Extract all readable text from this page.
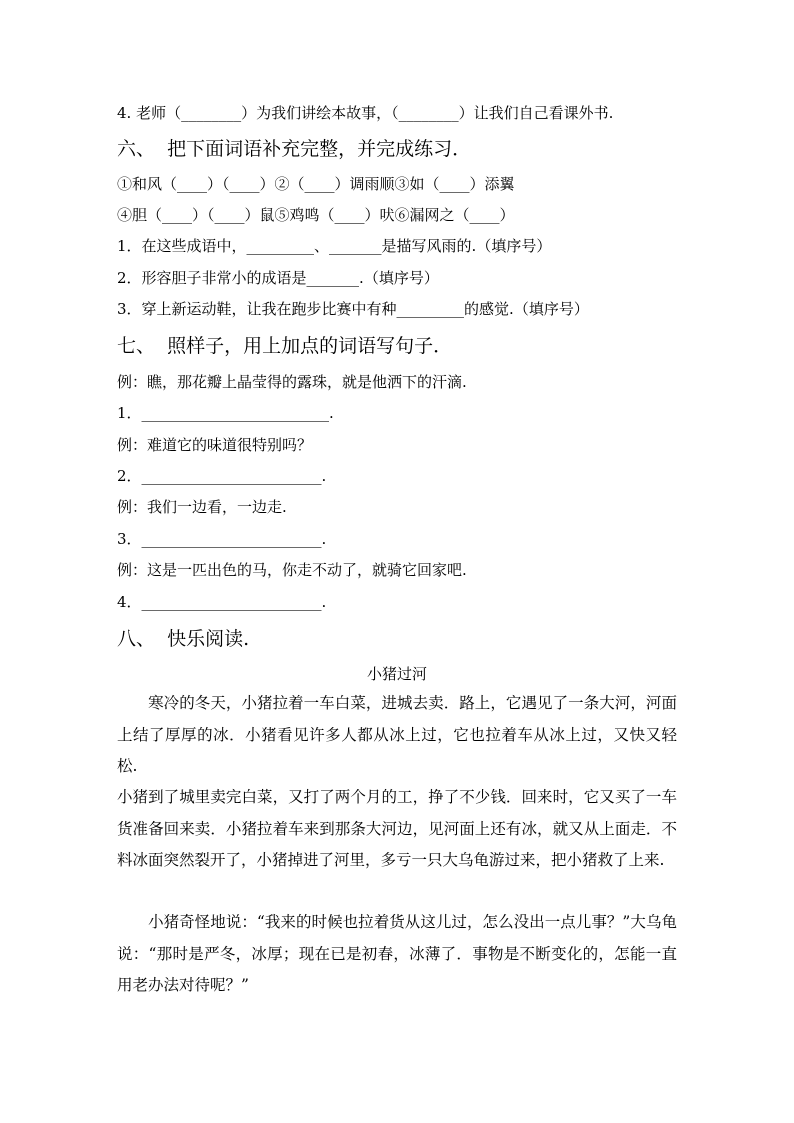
4. 老师（________）为我们讲绘本故事，（________）让我们自己看课外书.
六、  把下面词语补充完整，并完成练习．
①和风（____）（____）②（____）调雨顺③如（____）添翼
④胆（____）（____）鼠⑤鸡鸣（____）吠⑥漏网之（____）
1．在这些成语中，_________、_______是描写风雨的.（填序号）
2．形容胆子非常小的成语是_______.（填序号）
3．穿上新运动鞋，让我在跑步比赛中有种_________的感觉.（填序号）
七、  照样子，用上加点的词语写句子．
例：瞧，那花瓣上晶莹得的露珠，就是他洒下的汗滴.
1．_________________________.
例：难道它的味道很特别吗？
2．________________________.
例：我们一边看，一边走.
3．________________________.
例：这是一匹出色的马，你走不动了，就骑它回家吧.
4．________________________.
八、  快乐阅读.
小猪过河
　　寒冷的冬天，小猪拉着一车白菜，进城去卖．路上，它遇见了一条大河，河面上结了厚厚的冰．小猪看见许多人都从冰上过，它也拉着车从冰上过，又快又轻松.
小猪到了城里卖完白菜，又打了两个月的工，挣了不少钱．回来时，它又买了一车货准备回来卖．小猪拉着车来到那条大河边，见河面上还有冰，就又从上面走．不料冰面突然裂开了，小猪掉进了河里，多亏一只大乌龟游过来，把小猪救了上来.
　　小猪奇怪地说：“我来的时候也拉着货从这儿过，怎么没出一点儿事？”大乌龟说：“那时是严冬，冰厚；现在已是初春，冰薄了．事物是不断变化的，怎能一直用老办法对待呢？”
